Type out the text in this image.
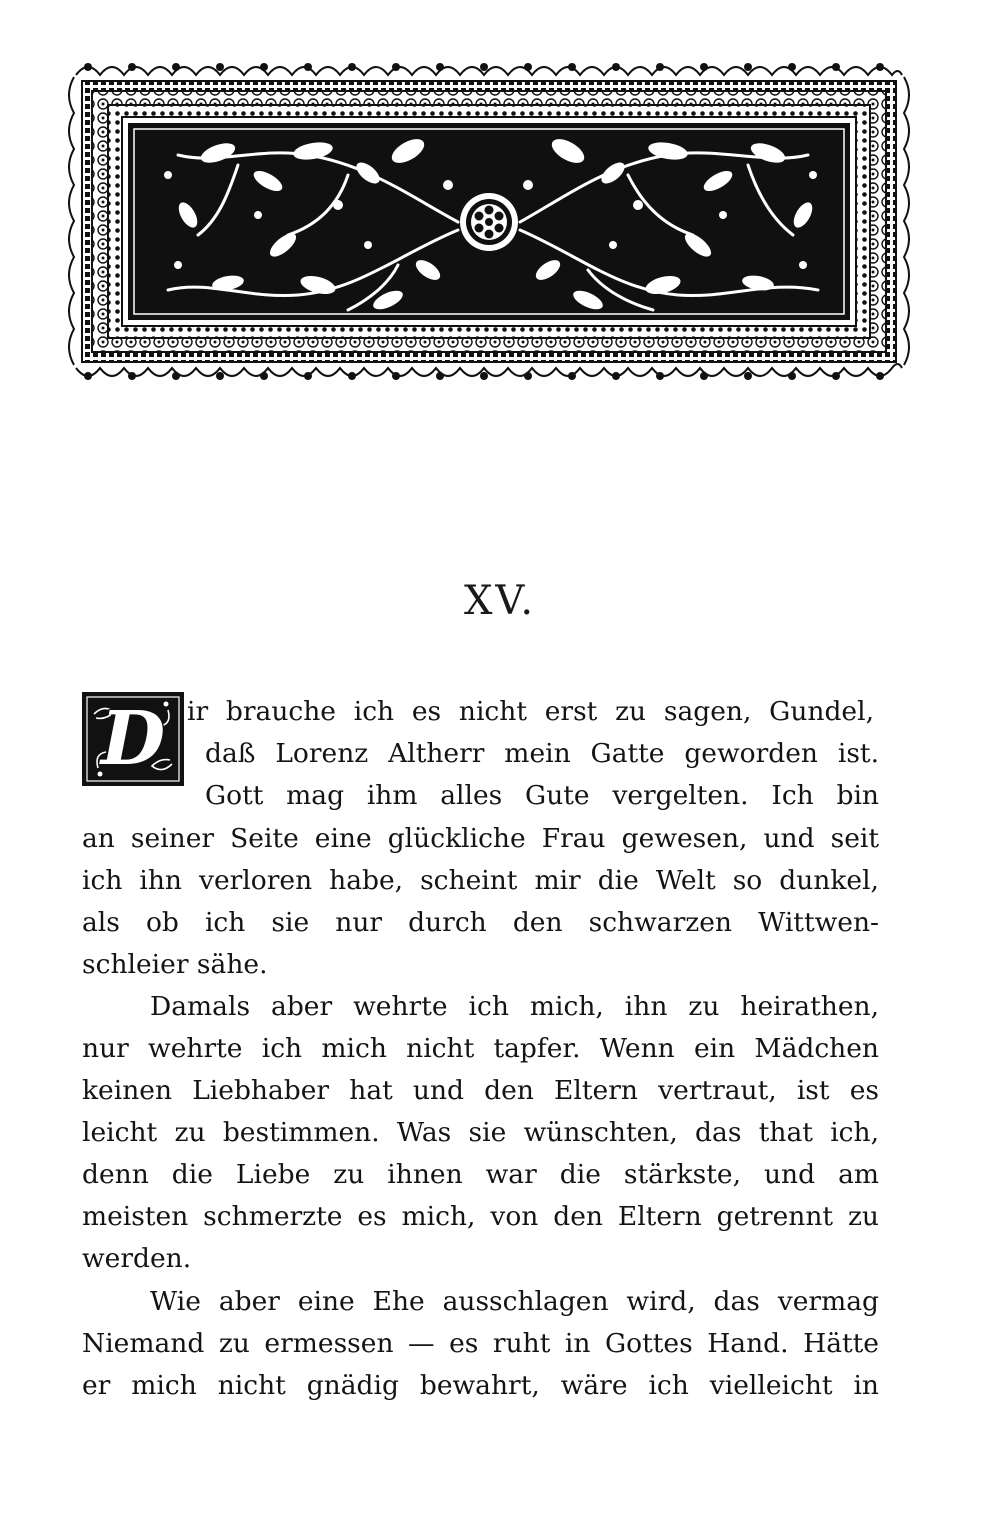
XV.
D ir brauche ich es nicht erst zu sagen, Gundel,

daß Lorenz Altherr mein Gatte geworden ist.

Gott mag ihm alles Gute vergelten. Ich bin

an seiner Seite eine glückliche Frau gewesen, und seit

ich ihn verloren habe, scheint mir die Welt so dunkel,

als ob ich sie nur durch den schwarzen Wittwen-

schleier sähe.

Damals aber wehrte ich mich, ihn zu heirathen,

nur wehrte ich mich nicht tapfer. Wenn ein Mädchen

keinen Liebhaber hat und den Eltern vertraut, ist es

leicht zu bestimmen. Was sie wünschten, das that ich,

denn die Liebe zu ihnen war die stärkste, und am

meisten schmerzte es mich, von den Eltern getrennt zu

werden.

Wie aber eine Ehe ausschlagen wird, das vermag

Niemand zu ermessen — es ruht in Gottes Hand. Hätte

er mich nicht gnädig bewahrt, wäre ich vielleicht in
